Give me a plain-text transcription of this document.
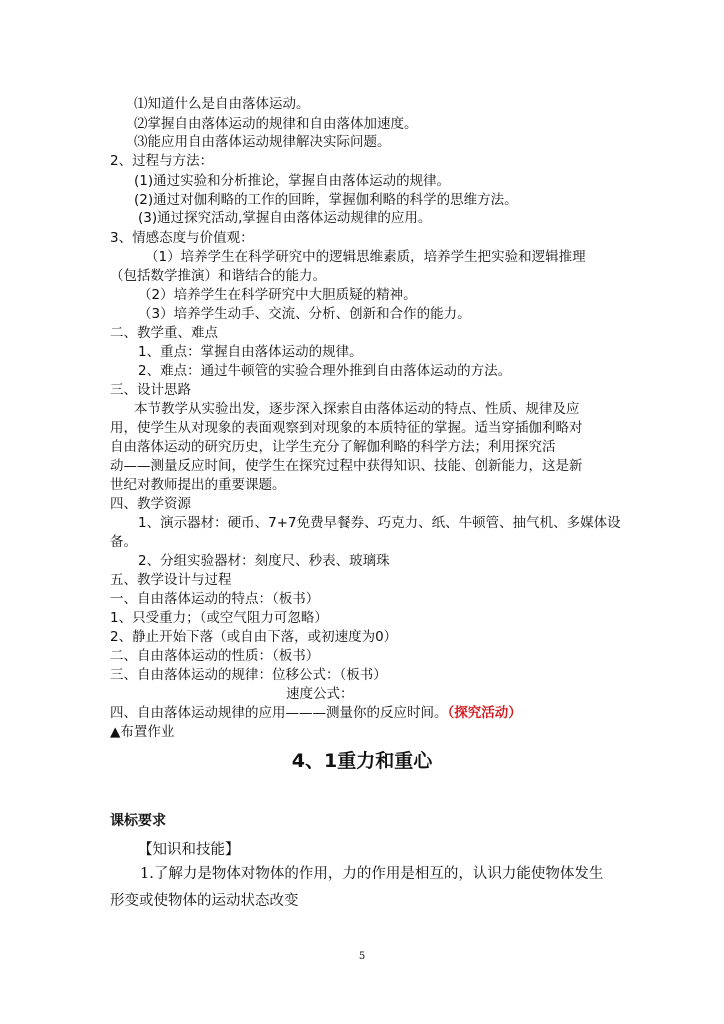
⑴知道什么是自由落体运动。
⑵掌握自由落体运动的规律和自由落体加速度。
⑶能应用自由落体运动规律解决实际问题。
2、过程与方法：
(1)通过实验和分析推论，掌握自由落体运动的规律。
(2)通过对伽利略的工作的回眸，掌握伽利略的科学的思维方法。
(3)通过探究活动,掌握自由落体运动规律的应用。
3、情感态度与价值观：
（1）培养学生在科学研究中的逻辑思维素质，培养学生把实验和逻辑推理
（包括数学推演）和谐结合的能力。
（2）培养学生在科学研究中大胆质疑的精神。
（3）培养学生动手、交流、分析、创新和合作的能力。
二、教学重、难点
1、重点：掌握自由落体运动的规律。
2、难点：通过牛顿管的实验合理外推到自由落体运动的方法。
三、设计思路
本节教学从实验出发，逐步深入探索自由落体运动的特点、性质、规律及应
用，使学生从对现象的表面观察到对现象的本质特征的掌握。适当穿插伽利略对
自由落体运动的研究历史，让学生充分了解伽利略的科学方法；利用探究活
动——测量反应时间，使学生在探究过程中获得知识、技能、创新能力，这是新
世纪对教师提出的重要课题。
四、教学资源
1、演示器材：硬币、7+7免费早餐券、巧克力、纸、牛顿管、抽气机、多媒体设
备。
2、分组实验器材：刻度尺、秒表、玻璃珠
五、教学设计与过程
一、自由落体运动的特点：（板书）
1、只受重力；（或空气阻力可忽略）
2、静止开始下落（或自由下落，或初速度为0）
二、自由落体运动的性质：（板书）
三、自由落体运动的规律：位移公式：（板书）
速度公式：
四、自由落体运动规律的应用———测量你的反应时间。（探究活动）
▲布置作业
4、1重力和重心
课标要求
【知识和技能】
1.了解力是物体对物体的作用，力的作用是相互的，认识力能使物体发生
形变或使物体的运动状态改变
5
